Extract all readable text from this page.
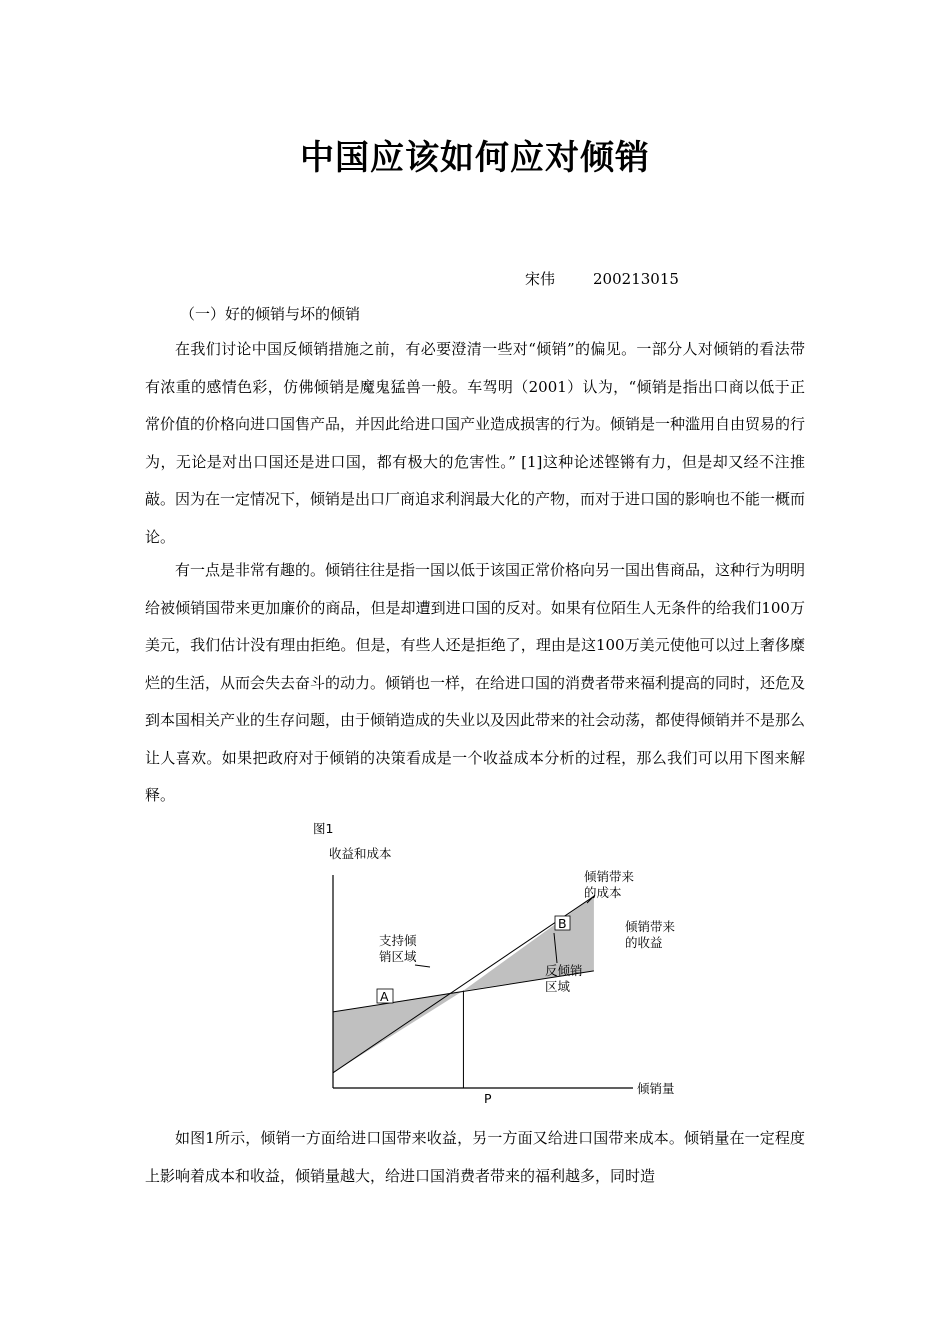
中国应该如何应对倾销
宋伟	200213015
（一）好的倾销与坏的倾销

在我们讨论中国反倾销措施之前，有必要澄清一些对“倾销”的偏见。一部分人对倾销的看法带有浓重的感情色彩，仿佛倾销是魔鬼猛兽一般。车驾明（2001）认为，“倾销是指出口商以低于正常价值的价格向进口国售产品，并因此给进口国产业造成损害的行为。倾销是一种滥用自由贸易的行为，无论是对出口国还是进口国，都有极大的危害性。” [1]这种论述铿锵有力，但是却又经不注推敲。因为在一定情况下，倾销是出口厂商追求利润最大化的产物，而对于进口国的影响也不能一概而论。

有一点是非常有趣的。倾销往往是指一国以低于该国正常价格向另一国出售商品，这种行为明明给被倾销国带来更加廉价的商品，但是却遭到进口国的反对。如果有位陌生人无条件的给我们100万美元，我们估计没有理由拒绝。但是，有些人还是拒绝了，理由是这100万美元使他可以过上奢侈糜烂的生活，从而会失去奋斗的动力。倾销也一样，在给进口国的消费者带来福利提高的同时，还危及到本国相关产业的生存问题，由于倾销造成的失业以及因此带来的社会动荡，都使得倾销并不是那么让人喜欢。如果把政府对于倾销的决策看成是一个收益成本分析的过程，那么我们可以用下图来解释。

图1
收益和成本
倾销量
P
倾销带来
的成本
倾销带来
的收益
支持倾
销区域
反倾销
区域
A
B

如图1所示，倾销一方面给进口国带来收益，另一方面又给进口国带来成本。倾销量在一定程度上影响着成本和收益，倾销量越大，给进口国消费者带来的福利越多，同时造
